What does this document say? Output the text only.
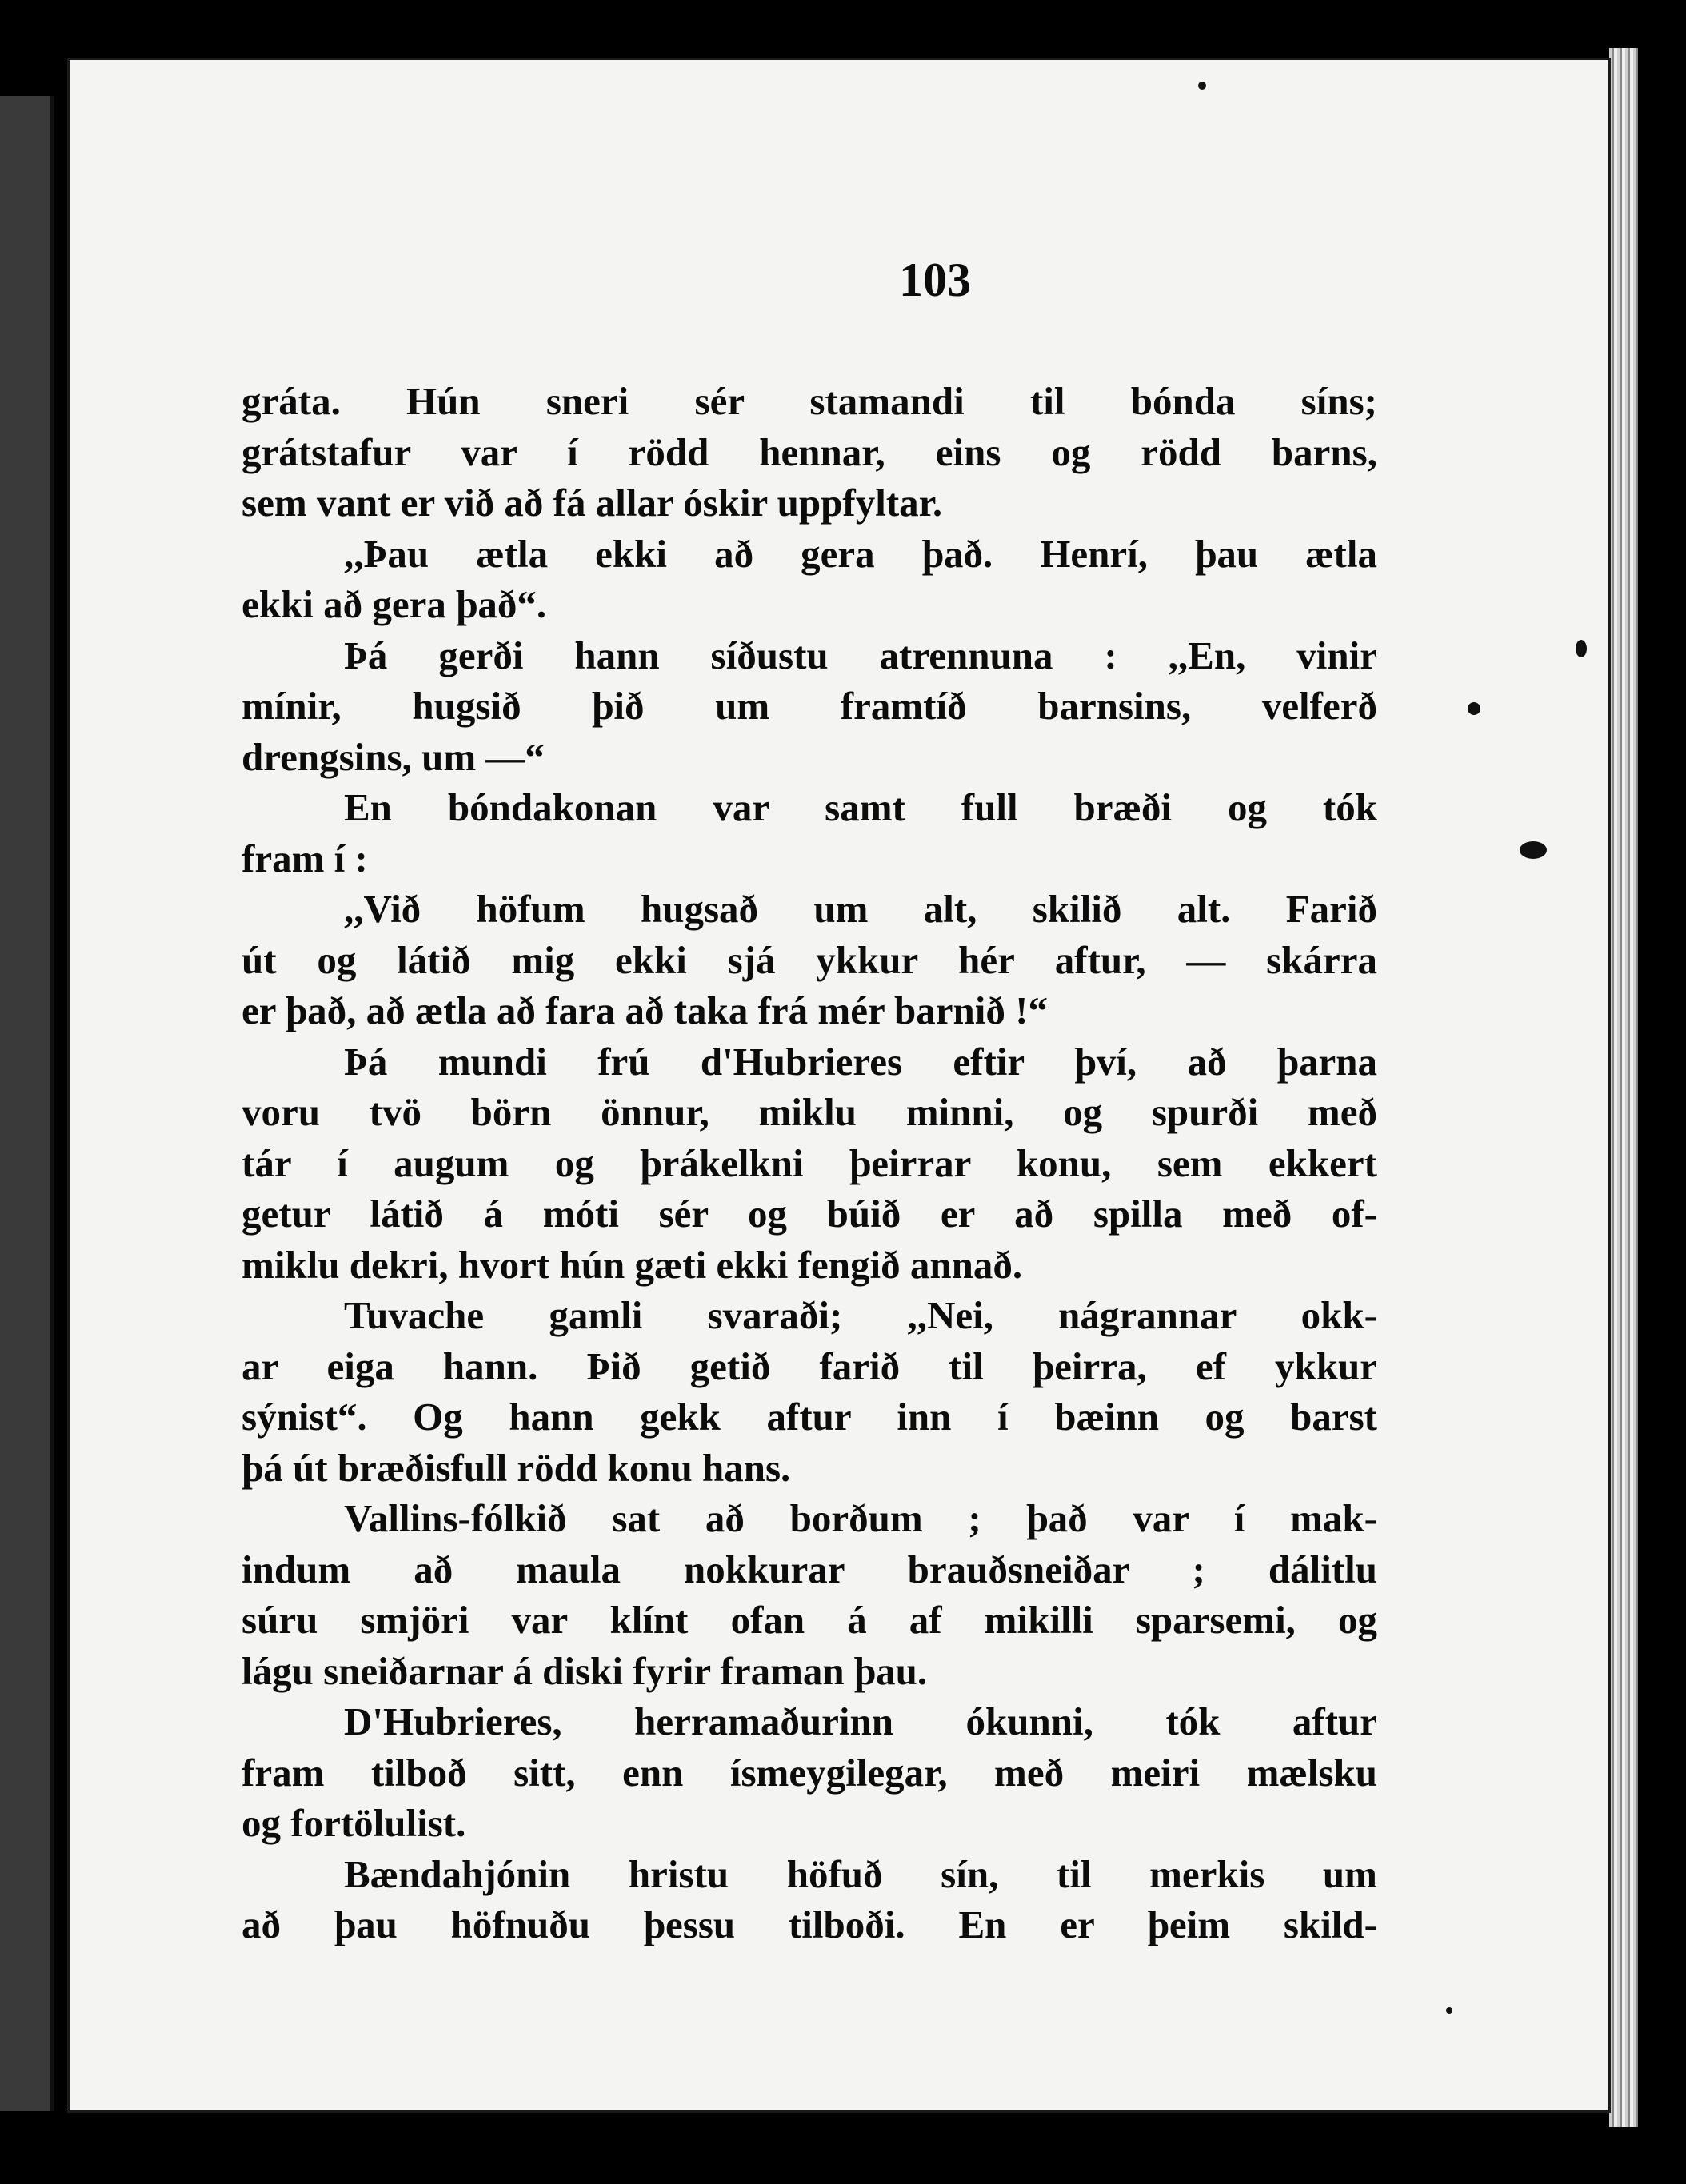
103
gráta. Hún sneri sér stamandi til bónda síns;
grátstafur var í rödd hennar, eins og rödd barns,
sem vant er við að fá allar óskir uppfyltar.
,,Þau ætla ekki að gera það. Henrí, þau ætla
ekki að gera það“.
Þá gerði hann síðustu atrennuna : ,,En, vinir
mínir, hugsið þið um framtíð barnsins, velferð
drengsins, um —“
En bóndakonan var samt full bræði og tók
fram í :
,,Við höfum hugsað um alt, skilið alt. Farið
út og látið mig ekki sjá ykkur hér aftur, — skárra
er það, að ætla að fara að taka frá mér barnið !“
Þá mundi frú d'Hubrieres eftir því, að þarna
voru tvö börn önnur, miklu minni, og spurði með
tár í augum og þrákelkni þeirrar konu, sem ekkert
getur látið á móti sér og búið er að spilla með of-
miklu dekri, hvort hún gæti ekki fengið annað.
Tuvache gamli svaraði; ,,Nei, nágrannar okk-
ar eiga hann. Þið getið farið til þeirra, ef ykkur
sýnist“. Og hann gekk aftur inn í bæinn og barst
þá út bræðisfull rödd konu hans.
Vallins-fólkið sat að borðum ; það var í mak-
indum að maula nokkurar brauðsneiðar ; dálitlu
súru smjöri var klínt ofan á af mikilli sparsemi, og
lágu sneiðarnar á diski fyrir framan þau.
D'Hubrieres, herramaðurinn ókunni, tók aftur
fram tilboð sitt, enn ísmeygilegar, með meiri mælsku
og fortölulist.
Bændahjónin hristu höfuð sín, til merkis um
að þau höfnuðu þessu tilboði. En er þeim skild-
